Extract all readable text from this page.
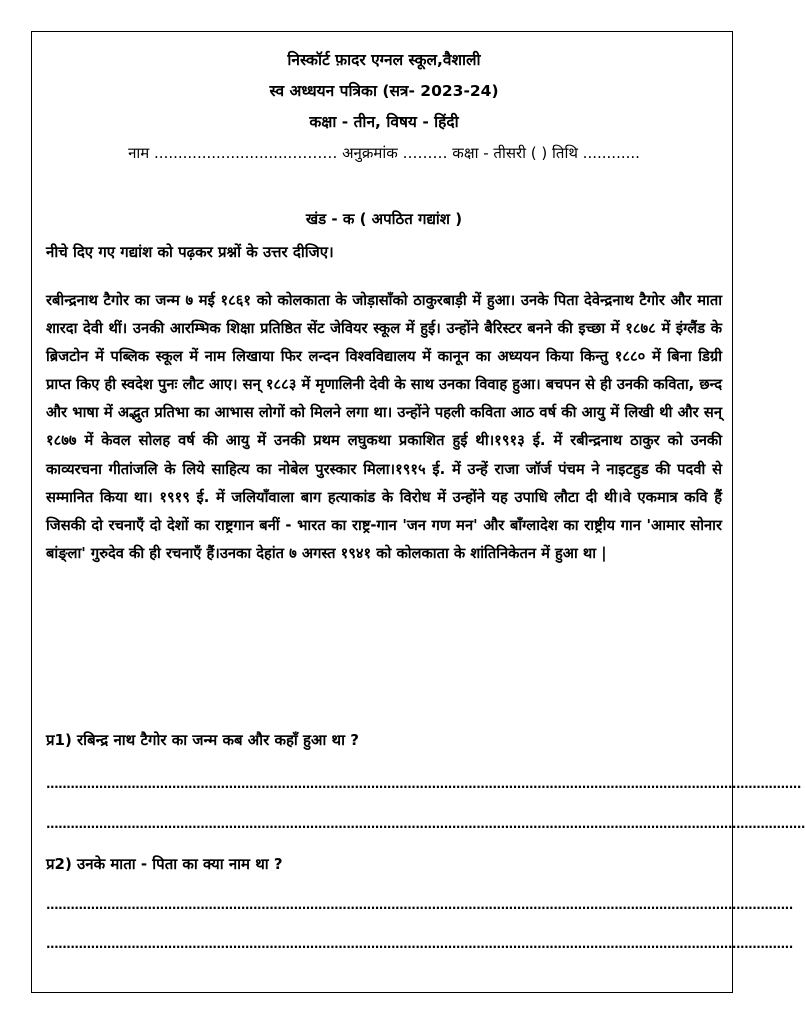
निस्कॉर्ट फ़ादर एग्नल स्कूल,वैशाली
स्व अध्धयन पत्रिका (सत्र- 2023-24)
कक्षा - तीन, विषय - हिंदी
नाम .............................……… अनुक्रमांक ……… कक्षा - तीसरी ( ) तिथि ............
खंड - क ( अपठित गद्यांश )
नीचे दिए गए गद्यांश को पढ़कर प्रश्नों के उत्तर दीजिए।

रबीन्द्रनाथ टैगोर का जन्म ७ मई १८६१ को कोलकाता के जोड़ासाँको ठाकुरबाड़ी में हुआ। उनके पिता देवेन्द्रनाथ टैगोर और माता शारदा देवी थीं। उनकी आरम्भिक शिक्षा प्रतिष्ठित सेंट जेवियर स्कूल में हुई। उन्होंने बैरिस्टर बनने की इच्छा में १८७८ में इंग्लैंड के ब्रिजटोन में पब्लिक स्कूल में नाम लिखाया फिर लन्दन विश्वविद्यालय में कानून का अध्ययन किया किन्तु १८८० में बिना डिग्री प्राप्त किए ही स्वदेश पुनः लौट आए। सन् १८८३ में मृणालिनी देवी के साथ उनका विवाह हुआ। बचपन से ही उनकी कविता, छन्द और भाषा में अद्भुत प्रतिभा का आभास लोगों को मिलने लगा था। उन्होंने पहली कविता आठ वर्ष की आयु में लिखी थी और सन् १८७७ में केवल सोलह वर्ष की आयु में उनकी प्रथम लघुकथा प्रकाशित हुई थी।१९१३ ई. में रबीन्द्रनाथ ठाकुर को उनकी काव्यरचना गीतांजलि के लिये साहित्य का नोबेल पुरस्कार मिला।१९१५ ई. में उन्हें राजा जॉर्ज पंचम ने नाइटहुड की पदवी से सम्मानित किया था। १९१९ ई. में जलियाँवाला बाग हत्याकांड के विरोध में उन्होंने यह उपाधि लौटा दी थी।वे एकमात्र कवि हैं जिसकी दो रचनाएँ दो देशों का राष्ट्रगान बनीं - भारत का राष्ट्र-गान 'जन गण मन' और बाँग्लादेश का राष्ट्रीय गान 'आमार सोनार बांङ्ला' गुरुदेव की ही रचनाएँ हैं।उनका देहांत ७ अगस्त १९४१ को कोलकाता के शांतिनिकेतन में हुआ था |

प्र1) रबिन्द्र नाथ टैगोर का जन्म कब और कहाँ हुआ था ?
..........................................................................................................................................................................................
...........................................................................................................................................................................................
प्र2) उनके माता - पिता का क्या नाम था ?
........................................................................................................................................................................................
........................................................................................................................................................................................
